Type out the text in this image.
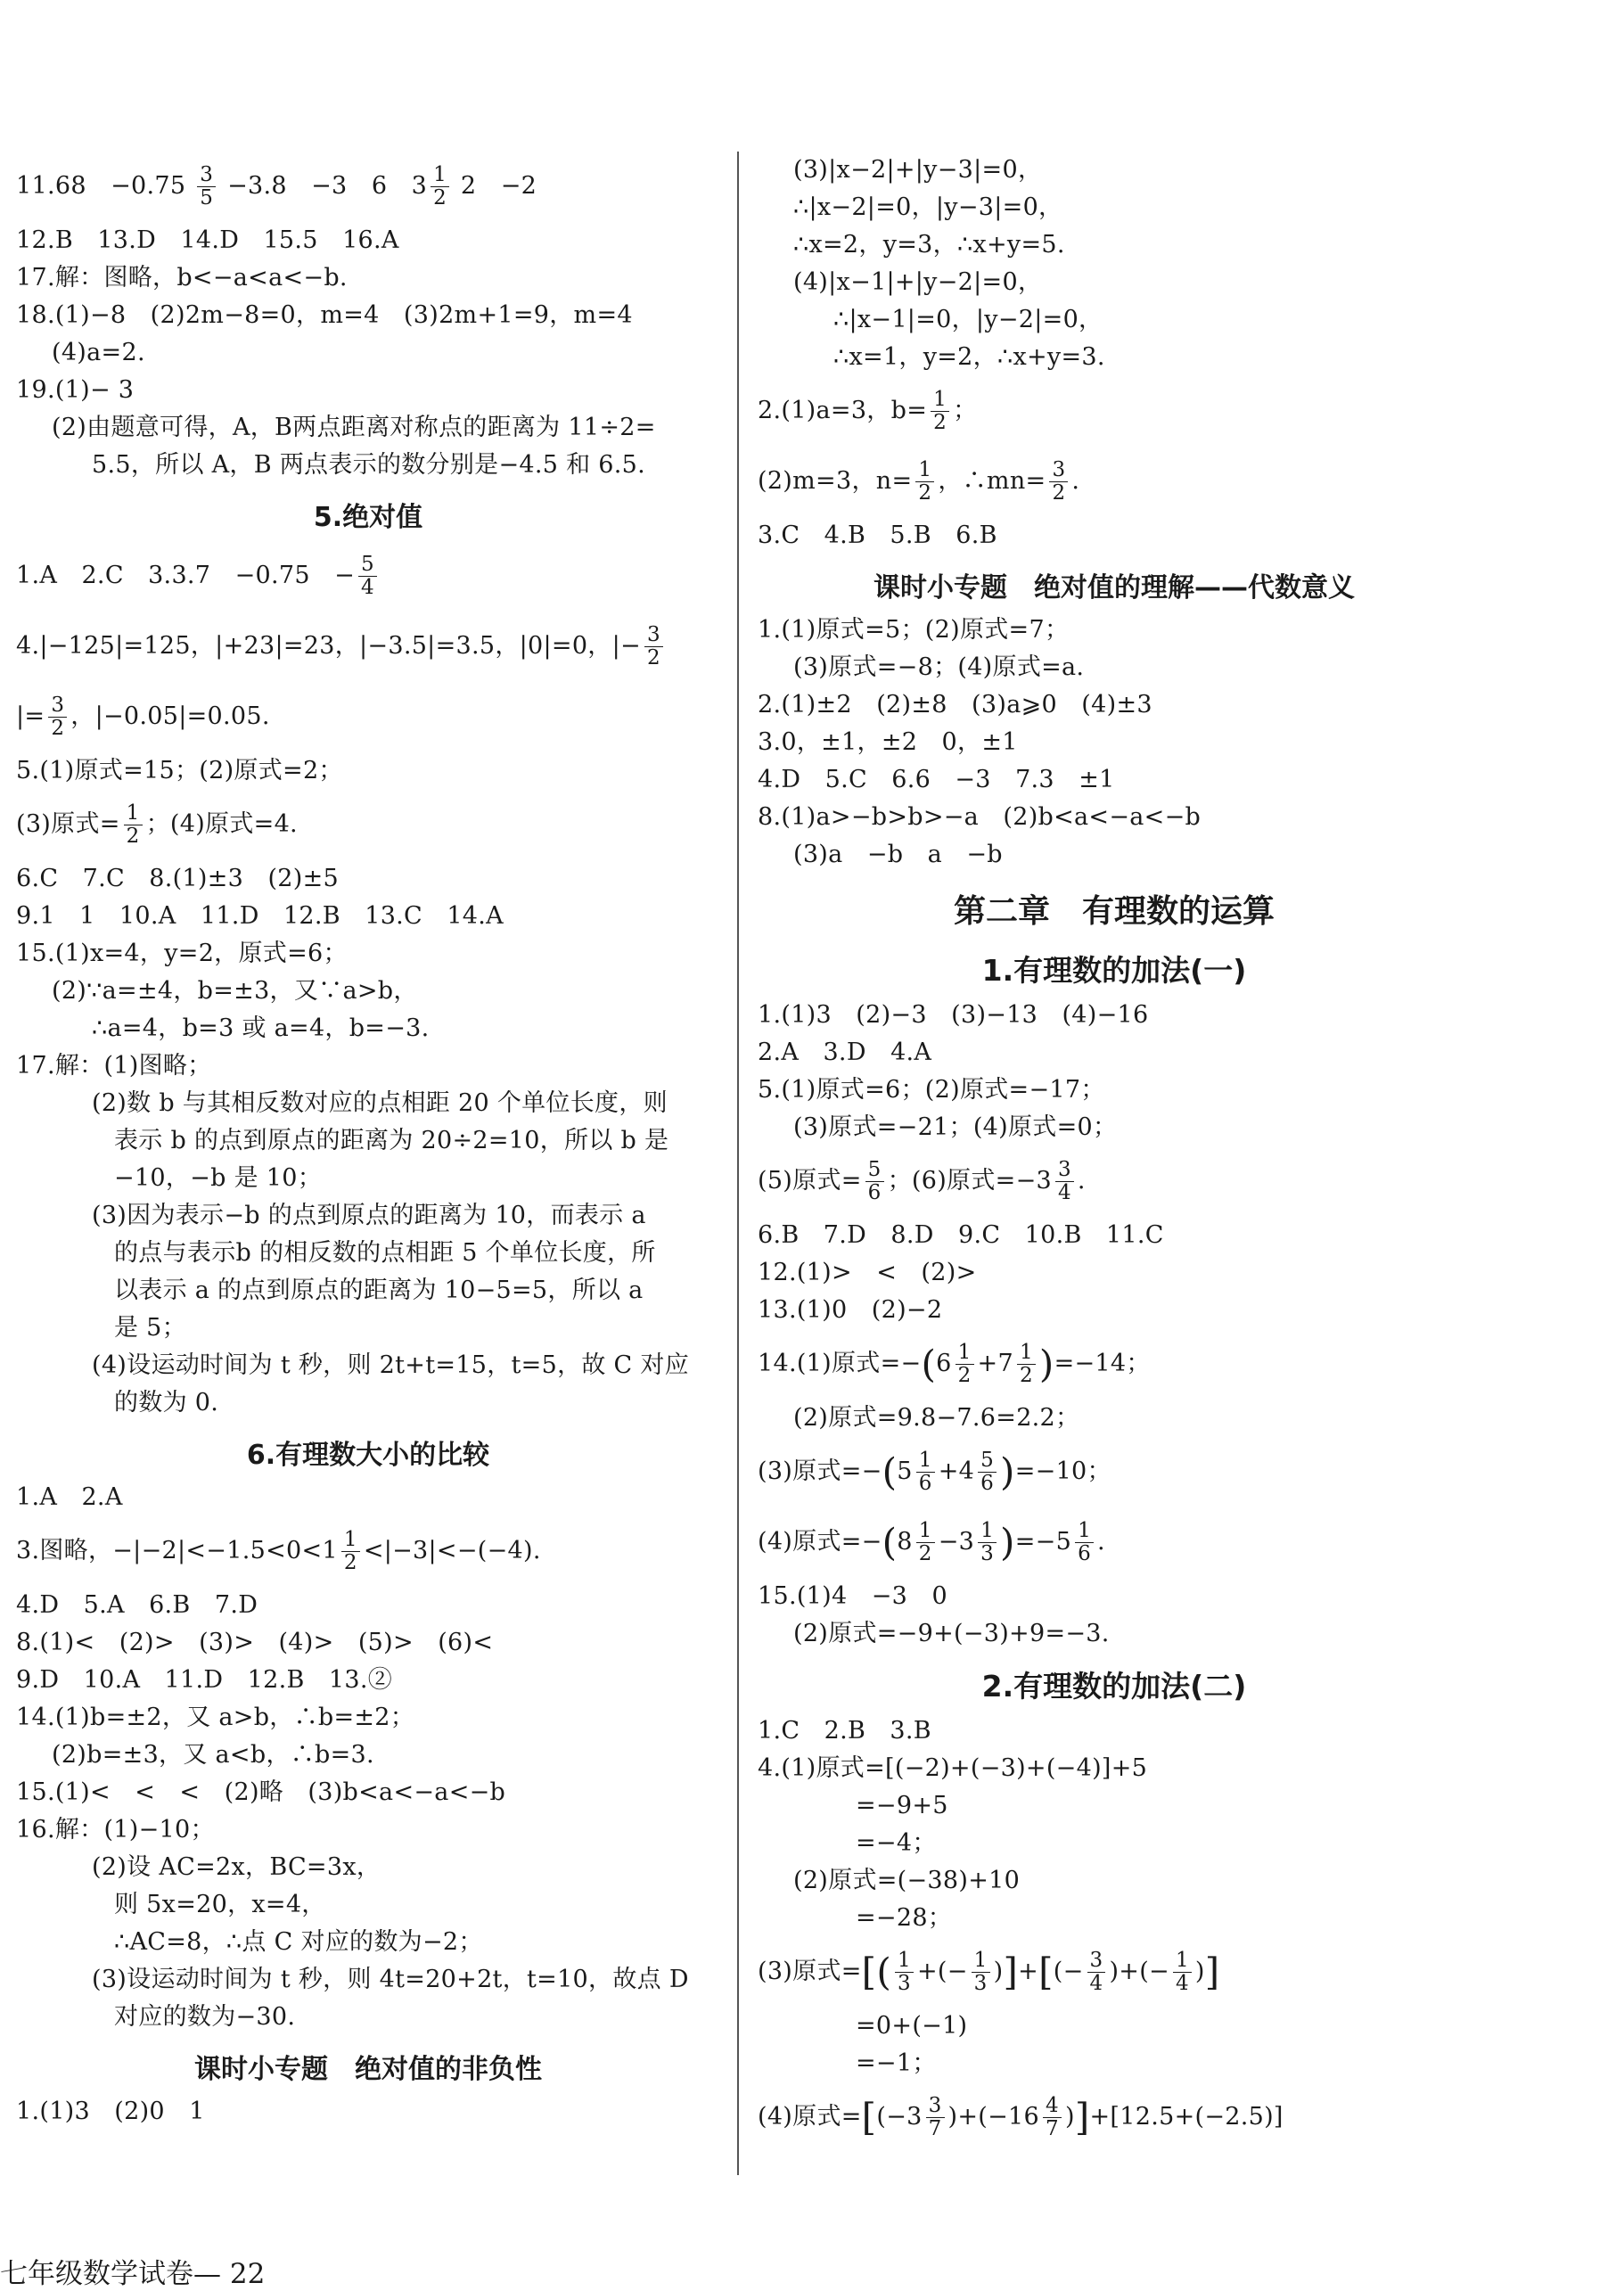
11.68　$-0.75 \frac{3}{5} -3.8$　−3　6　$3 \frac{1}{2} 2$　−2
12.B　13.D　14.D　15.5　16.A
17.解：图略，b<−a<a<−b.
18.(1)−8　(2)2m−8=0，m=4　(3)2m+1=9，m=4
(4)a=2.
19.(1)− 3
(2)由题意可得，A，B两点距离对称点的距离为 11÷2=
5.5，所以 A，B 两点表示的数分别是−4.5 和 6.5.
5.绝对值
1.A　2.C　3.3.7　−0.75　− $\frac{5}{4}$
4.|−125|=125，|+23|=23，|−3.5|=3.5，|0|=0，|− $\frac{3}{2}$
|= $\frac{3}{2}$ ，|−0.05|=0.05.
5.(1)原式=15；(2)原式=2；
(3)原式= $\frac{1}{2}$ ；(4)原式=4.
6.C　7.C　8.(1)±3　(2)±5
9.1　1　10.A　11.D　12.B　13.C　14.A
15.(1)x=4，y=2，原式=6；
(2)∵a=±4，b=±3，又∵a>b，
∴a=4，b=3 或 a=4，b=−3.
17.解：(1)图略；
(2)数 b 与其相反数对应的点相距 20 个单位长度，则
表示 b 的点到原点的距离为 20÷2=10，所以 b 是
−10，−b 是 10；
(3)因为表示−b 的点到原点的距离为 10，而表示 a
的点与表示b 的相反数的点相距 5 个单位长度，所
以表示 a 的点到原点的距离为 10−5=5，所以 a
是 5；
(4)设运动时间为 t 秒，则 2t+t=15，t=5，故 C 对应
的数为 0.
6.有理数大小的比较
1.A　2.A
3.图略，$-|-2|<-1.5<0<1 \frac{1}{2} <|-3|<-(-4)$.
4.D　5.A　6.B　7.D
8.(1)<　(2)>　(3)>　(4)>　(5)>　(6)<
9.D　10.A　11.D　12.B　13.②
14.(1)b=±2，又 a>b，∴b=±2；
(2)b=±3，又 a<b，∴b=3.
15.(1)<　<　<　(2)略　(3)b<a<−a<−b
16.解：(1)−10；
(2)设 AC=2x，BC=3x，
则 5x=20，x=4，
∴AC=8，∴点 C 对应的数为−2；
(3)设运动时间为 t 秒，则 4t=20+2t，t=10，故点 D
对应的数为−30.
课时小专题　绝对值的非负性
1.(1)3　(2)0　1
(3)|x−2|+|y−3|=0，
∴|x−2|=0，|y−3|=0，
∴x=2，y=3，∴x+y=5.
(4)|x−1|+|y−2|=0，
∴|x−1|=0，|y−2|=0，
∴x=1，y=2，∴x+y=3.
2.(1)a=3，$b= \frac{1}{2}$ ；
(2)m=3，$n= \frac{1}{2}$ ，∴mn= $\frac{3}{2}$ .
3.C　4.B　5.B　6.B
课时小专题　绝对值的理解——代数意义
1.(1)原式=5；(2)原式=7；
(3)原式=−8；(4)原式=a.
2.(1)±2　(2)±8　(3)a⩾0　(4)±3
3.0，±1，±2　0，±1
4.D　5.C　6.6　−3　7.3　±1
8.(1)a>−b>b>−a　(2)b<a<−a<−b
(3)a　−b　a　−b
第二章　有理数的运算
1.有理数的加法(一)
1.(1)3　(2)−3　(3)−13　(4)−16
2.A　3.D　4.A
5.(1)原式=6；(2)原式=−17；
(3)原式=−21；(4)原式=0；
(5)原式= $\frac{5}{6}$ ；(6)原式$=-3 \frac{3}{4}$ .
6.B　7.D　8.D　9.C　10.B　11.C
12.(1)>　<　(2)>
13.(1)0　(2)−2
14.(1)原式$=-(6 \frac{1}{2} +7 \frac{1}{2} )=-14$；
(2)原式=9.8−7.6=2.2；
(3)原式$=-(5 \frac{1}{6} +4 \frac{5}{6} )=-10$；
(4)原式$=-(8 \frac{1}{2} -3 \frac{1}{3} )=-5 \frac{1}{6}$ .
15.(1)4　−3　0
(2)原式=−9+(−3)+9=−3.
2.有理数的加法(二)
1.C　2.B　3.B
4.(1)原式=[(−2)+(−3)+(−4)]+5
=−9+5
=−4；
(2)原式=(−38)+10
=−28；
(3)原式=[( $\frac{1}{3}$ +(− $\frac{1}{3}$ )]+[(− $\frac{3}{4}$ )+(− $\frac{1}{4}$ )]
=0+(−1)
=−1；
(4)原式$=[(-3 \frac{3}{7} )+(-16 \frac{4}{7} )]+[12.5+(-2.5)]$
七年级数学试卷— 22
